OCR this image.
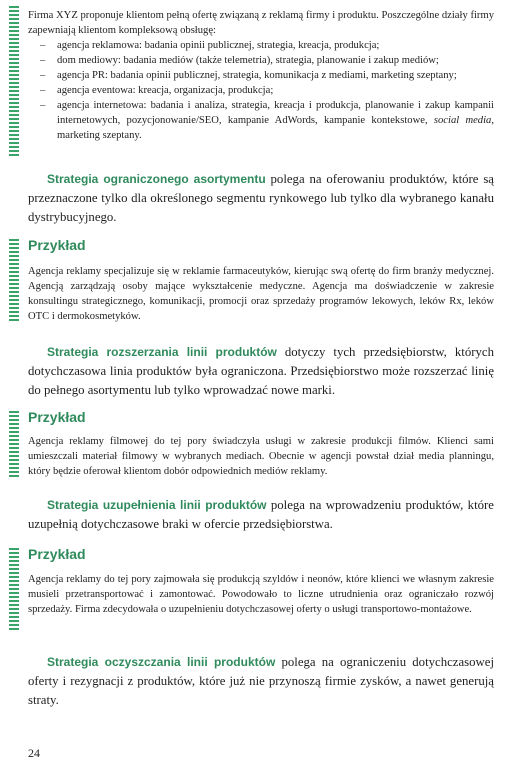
Firma XYZ proponuje klientom pełną ofertę związaną z reklamą firmy i produktu. Poszczególne działy firmy zapewniają klientom kompleksową obsługę:

– agencja reklamowa: badania opinii publicznej, strategia, kreacja, produkcja;
– dom mediowy: badania mediów (także telemetria), strategia, planowanie i zakup mediów;
– agencja PR: badania opinii publicznej, strategia, komunikacja z mediami, marketing szeptany;
– agencja eventowa: kreacja, organizacja, produkcja;
– agencja internetowa: badania i analiza, strategia, kreacja i produkcja, planowanie i zakup kampanii internetowych, pozycjonowanie/SEO, kampanie AdWords, kampanie kontekstowe, social media, marketing szeptany.

Strategia ograniczonego asortymentu polega na oferowaniu produktów, które są przeznaczone tylko dla określonego segmentu rynkowego lub tylko dla wybranego kanału dystrybucyjnego.

Przykład

Agencja reklamy specjalizuje się w reklamie farmaceutyków, kierując swą ofertę do firm branży medycznej. Agencją zarządzają osoby mające wykształcenie medyczne. Agencja ma doświadczenie w zakresie konsultingu strategicznego, komunikacji, promocji oraz sprzedaży programów lekowych, leków Rx, leków OTC i dermokosmetyków.

Strategia rozszerzania linii produktów dotyczy tych przedsiębiorstw, których dotychczasowa linia produktów była ograniczona. Przedsiębiorstwo może rozszerzać linię do pełnego asortymentu lub tylko wprowadzać nowe marki.

Przykład

Agencja reklamy filmowej do tej pory świadczyła usługi w zakresie produkcji filmów. Klienci sami umieszczali materiał filmowy w wybranych mediach. Obecnie w agencji powstał dział media planningu, który będzie oferował klientom dobór odpowiednich mediów reklamy.

Strategia uzupełnienia linii produktów polega na wprowadzeniu produktów, które uzupełnią dotychczasowe braki w ofercie przedsiębiorstwa.

Przykład

Agencja reklamy do tej pory zajmowała się produkcją szyldów i neonów, które klienci we własnym zakresie musieli przetransportować i zamontować. Powodowało to liczne utrudnienia oraz ograniczało rozwój sprzedaży. Firma zdecydowała o uzupełnieniu dotychczasowej oferty o usługi transportowo-montażowe.

Strategia oczyszczania linii produktów polega na ograniczeniu dotychczasowej oferty i rezygnacji z produktów, które już nie przynoszą firmie zysków, a nawet generują straty.

24
